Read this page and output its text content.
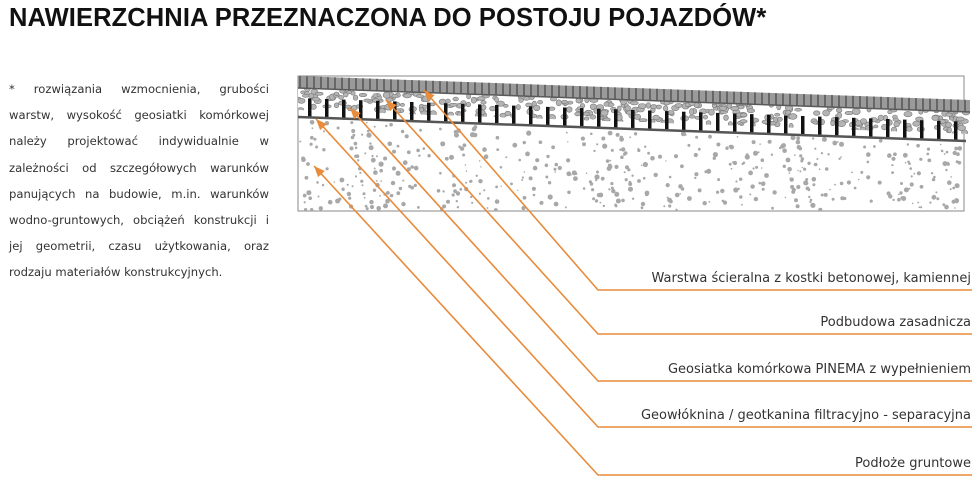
NAWIERZCHNIA PRZEZNACZONA DO POSTOJU POJAZDÓW*

* rozwiązania wzmocnienia, grubości warstw, wysokość geosiatki komórkowej należy projektować indywidualnie w zależności od szczegółowych warunków panujących na budowie, m.in. warunków wodno-gruntowych, obciążeń konstrukcji i jej geometrii, czasu użytkowania, oraz rodzaju materiałów konstrukcyjnych.	Warstwa ścieralna z kostki betonowej, kamiennej
Podbudowa zasadnicza
Geosiatka komórkowa PINEMA z wypełnieniem
Geowłóknina / geotkanina filtracyjno - separacyjna
Podłoże gruntowe
